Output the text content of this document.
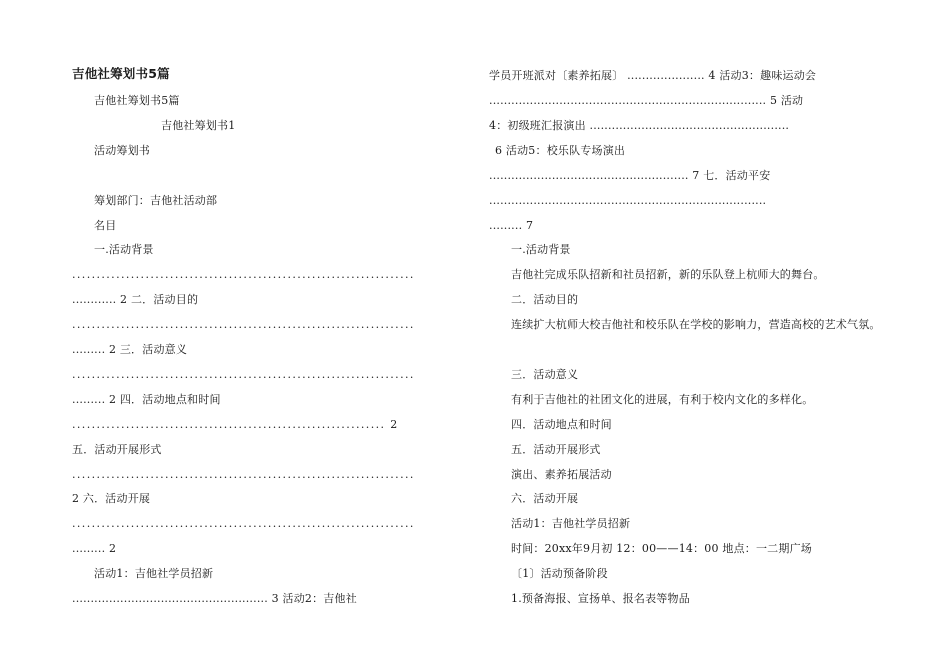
吉他社筹划书5篇
吉他社筹划书5篇
吉他社筹划书1
活动筹划书
筹划部门：吉他社活动部
名目
一.活动背景
......................................................................
............ 2 二．活动目的
......................................................................
......... 2 三．活动意义
......................................................................
......... 2 四．活动地点和时间
................................................................ 2
五．活动开展形式
......................................................................
2 六．活动开展
......................................................................
......... 2
活动1：吉他社学员招新
..................................................... 3 活动2：吉他社
学员开班派对〔素养拓展〕 ..................... 4 活动3：趣味运动会
........................................................................... 5 活动
4：初级班汇报演出 ......................................................
6 活动5：校乐队专场演出
...................................................... 7 七．活动平安
...........................................................................
......... 7
一.活动背景
吉他社完成乐队招新和社员招新，新的乐队登上杭师大的舞台。
二．活动目的
连续扩大杭师大校吉他社和校乐队在学校的影响力，营造高校的艺术气氛。
三．活动意义
有利于吉他社的社团文化的进展，有利于校内文化的多样化。
四．活动地点和时间
五．活动开展形式
演出、素养拓展活动
六．活动开展
活动1：吉他社学员招新
时间：20xx年9月初 12：00——14：00 地点：一二期广场
〔1〕活动预备阶段
1.预备海报、宣扬单、报名表等物品
